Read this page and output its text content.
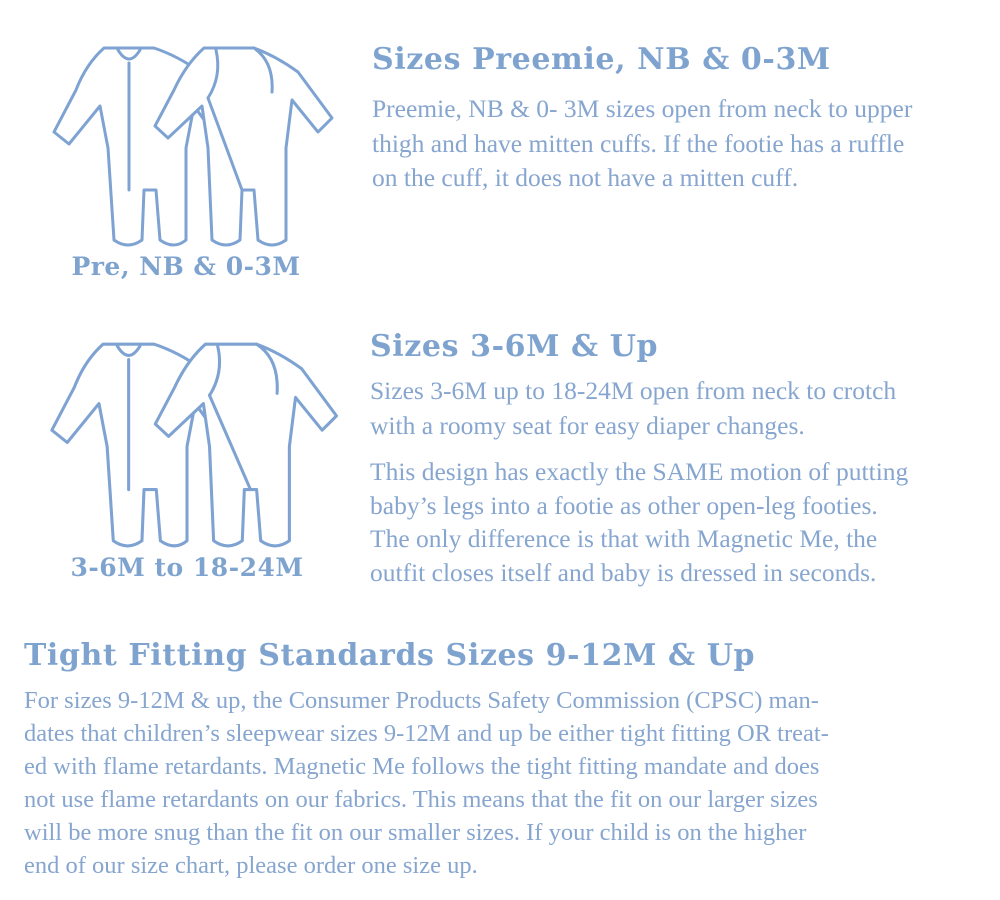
Pre, NB & 0-3M
Sizes Preemie, NB & 0-3M

Preemie, NB & 0- 3M sizes open from neck to upper
thigh and have mitten cuffs. If the footie has a ruffle
on the cuff, it does not have a mitten cuff.

3-6M to 18-24M
Sizes 3-6M & Up

Sizes 3-6M up to 18-24M open from neck to crotch
with a roomy seat for easy diaper changes.

This design has exactly the SAME motion of putting
baby’s legs into a footie as other open-leg footies.
The only difference is that with Magnetic Me, the
outfit closes itself and baby is dressed in seconds.

Tight Fitting Standards Sizes 9-12M & Up

For sizes 9-12M & up, the Consumer Products Safety Commission (CPSC) man-
dates that children’s sleepwear sizes 9-12M and up be either tight fitting OR treat-
ed with flame retardants. Magnetic Me follows the tight fitting mandate and does
not use flame retardants on our fabrics. This means that the fit on our larger sizes
will be more snug than the fit on our smaller sizes. If your child is on the higher
end of our size chart, please order one size up.
